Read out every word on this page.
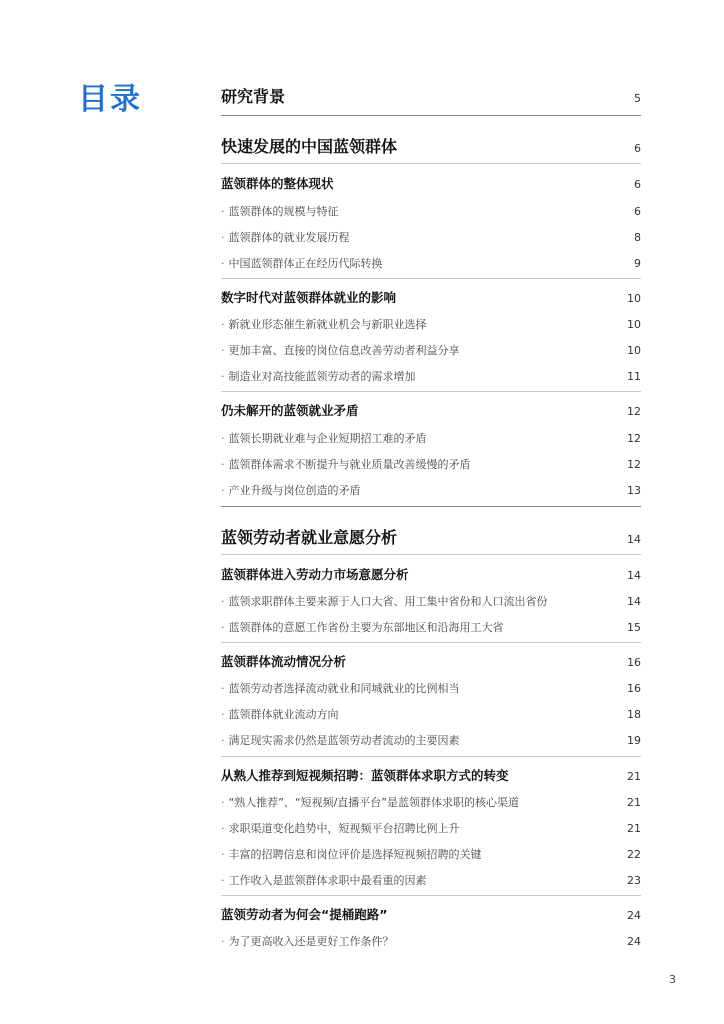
目录	研究背景	5
快速发展的中国蓝领群体	6
蓝领群体的整体现状	6
· 蓝领群体的规模与特征	6
· 蓝领群体的就业发展历程	8
· 中国蓝领群体正在经历代际转换	9
数字时代对蓝领群体就业的影响	10
· 新就业形态催生新就业机会与新职业选择	10
· 更加丰富、直接的岗位信息改善劳动者利益分享	10
· 制造业对高技能蓝领劳动者的需求增加	11
仍未解开的蓝领就业矛盾	12
· 蓝领长期就业难与企业短期招工难的矛盾	12
· 蓝领群体需求不断提升与就业质量改善缓慢的矛盾	12
· 产业升级与岗位创造的矛盾	13
蓝领劳动者就业意愿分析	14
蓝领群体进入劳动力市场意愿分析	14
· 蓝领求职群体主要来源于人口大省、用工集中省份和人口流出省份	14
· 蓝领群体的意愿工作省份主要为东部地区和沿海用工大省	15
蓝领群体流动情况分析	16
· 蓝领劳动者选择流动就业和同城就业的比例相当	16
· 蓝领群体就业流动方向	18
· 满足现实需求仍然是蓝领劳动者流动的主要因素	19
从熟人推荐到短视频招聘：蓝领群体求职方式的转变	21
· “熟人推荐”、“短视频/直播平台”是蓝领群体求职的核心渠道	21
· 求职渠道变化趋势中，短视频平台招聘比例上升	21
· 丰富的招聘信息和岗位评价是选择短视频招聘的关键	22
· 工作收入是蓝领群体求职中最看重的因素	23
蓝领劳动者为何会“提桶跑路”	24
· 为了更高收入还是更好工作条件？	24
3
